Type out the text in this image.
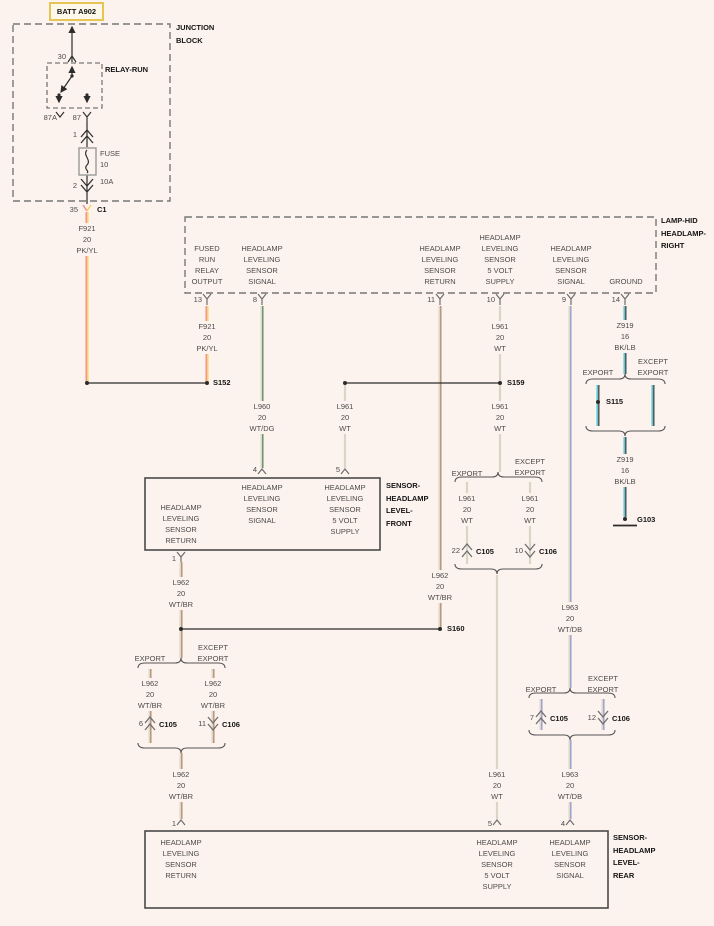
BATT A902
JUNCTION
BLOCK
RELAY-RUN
LAMP-HID
HEADLAMP-
RIGHT
SENSOR-
HEADLAMP
LEVEL-
FRONT
SENSOR-
HEADLAMP
LEVEL-
REAR
30
87A 87
1
FUSE
10
10A
2
35	C1
FUSED
RUN
RELAY
OUTPUT
HEADLAMP
LEVELING
SENSOR
SIGNAL
HEADLAMP
LEVELING
SENSOR
RETURN
HEADLAMP
LEVELING
SENSOR
5 VOLT
SUPPLY
HEADLAMP
LEVELING
SENSOR
SIGNAL	GROUND
13	8	11	10	9	14
F921
20
PK/YL
F921
20
PK/YL
L960
20
WT/DG
L961
20
WT
L961
20
WT
L961
20
WT
L961
20
WT
L961
20
WT
L961
20
WT
L962
20
WT/BR
L962
20
WT/BR
L962
20
WT/BR
L962
20
WT/BR
L962
20
WT/BR
L963
20
WT/DB
L963
20
WT/DB
Z919
16
BK/LB
Z919
16
BK/LB
S152	S159
S160
S115
G103
EXPORT
EXCEPT
EXPORT
EXPORT
EXCEPT
EXPORT
EXPORT
EXCEPT
EXPORT
EXPORT
EXCEPT
EXPORT
22 C105	10 C106
6 C105	11 C106
7 C105	12 C106
4	5
HEADLAMP
LEVELING
SENSOR
SIGNAL
HEADLAMP
LEVELING
SENSOR
5 VOLT
SUPPLY
HEADLAMP
LEVELING
SENSOR
RETURN
1
1	5	4
HEADLAMP
LEVELING
SENSOR
RETURN
HEADLAMP
LEVELING
SENSOR
5 VOLT
SUPPLY
HEADLAMP
LEVELING
SENSOR
SIGNAL
